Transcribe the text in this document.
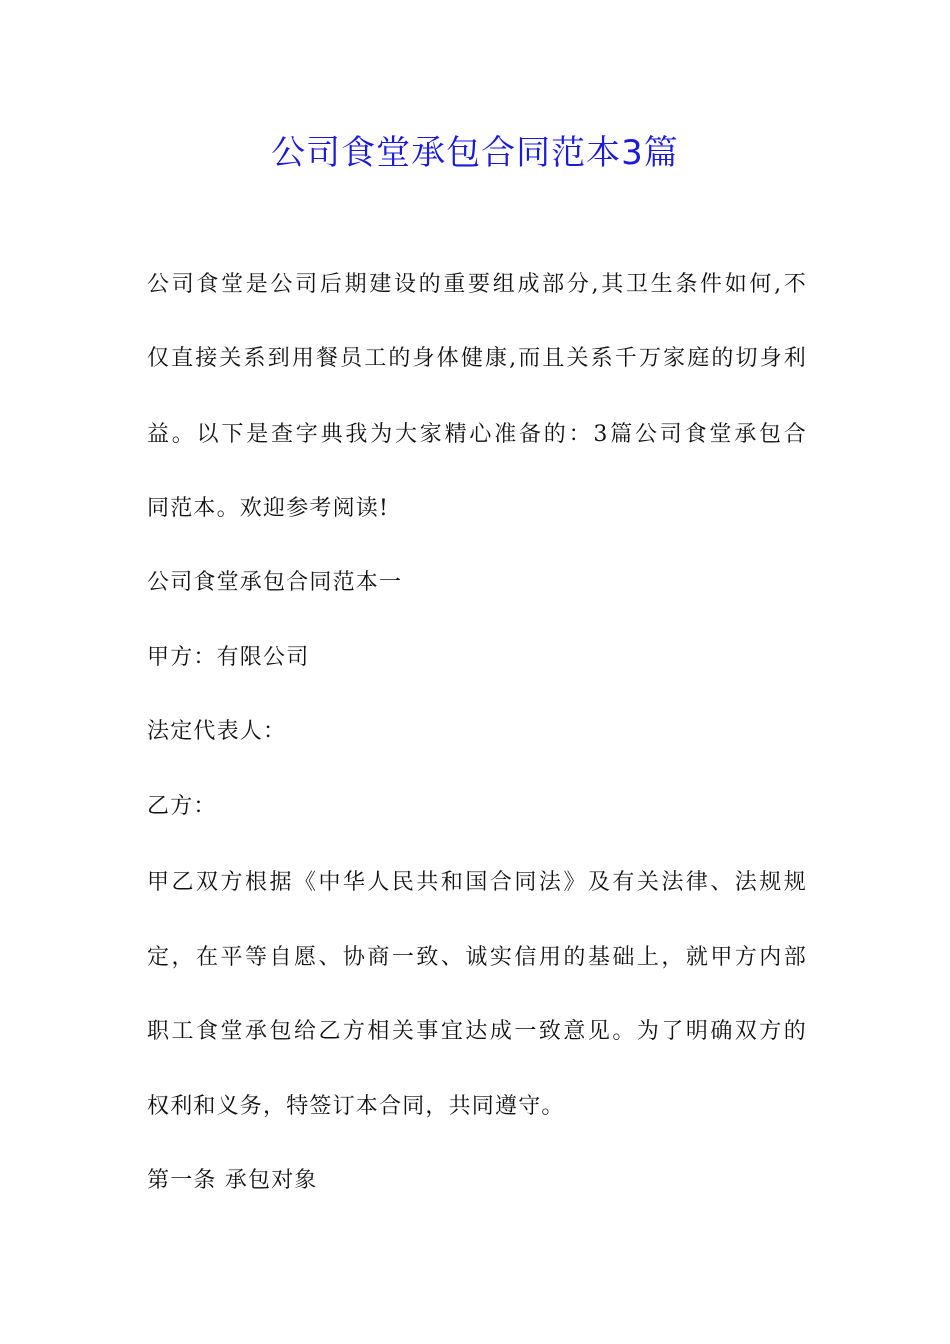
公司食堂承包合同范本3篇
公司食堂是公司后期建设的重要组成部分,其卫生条件如何,不
仅直接关系到用餐员工的身体健康,而且关系千万家庭的切身利
益。以下是查字典我为大家精心准备的：3篇公司食堂承包合
同范本。欢迎参考阅读!
公司食堂承包合同范本一
甲方：有限公司
法定代表人：
乙方：
甲乙双方根据《中华人民共和国合同法》及有关法律、法规规
定，在平等自愿、协商一致、诚实信用的基础上，就甲方内部
职工食堂承包给乙方相关事宜达成一致意见。为了明确双方的
权利和义务，特签订本合同，共同遵守。
第一条 承包对象
